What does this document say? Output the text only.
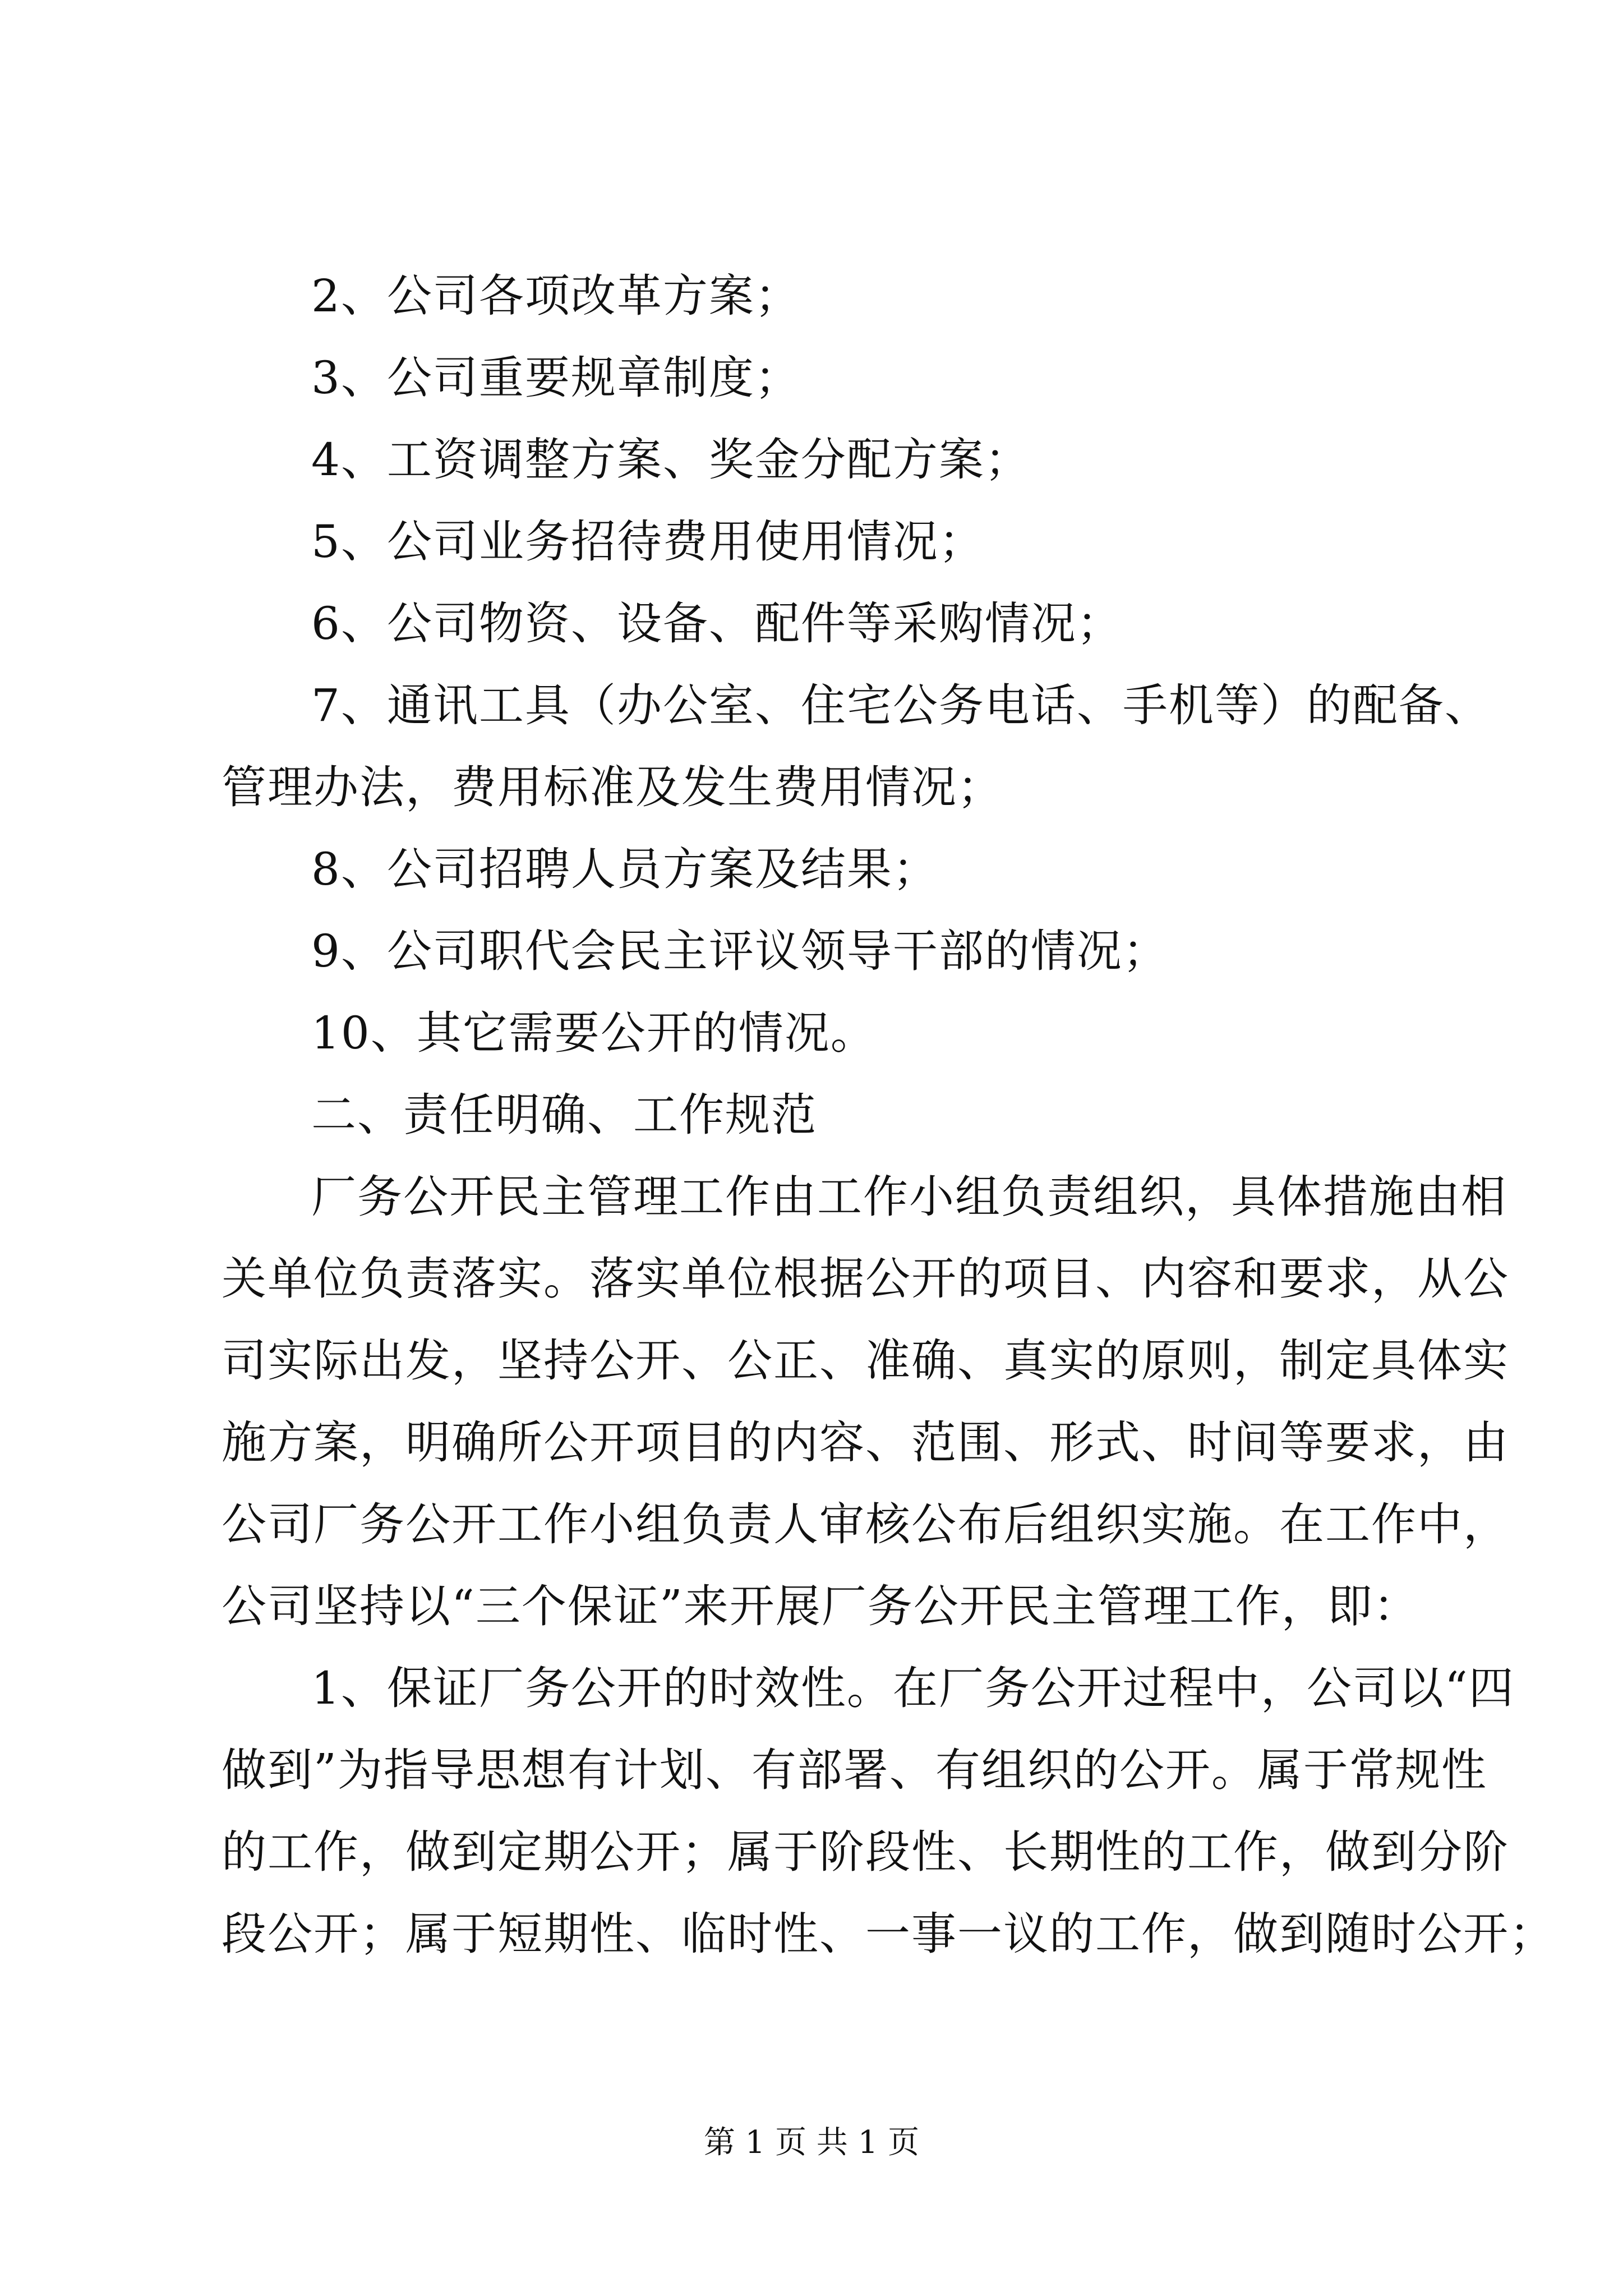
2、公司各项改革方案；
3、公司重要规章制度；
4、工资调整方案、奖金分配方案；
5、公司业务招待费用使用情况；
6、公司物资、设备、配件等采购情况；
7、通讯工具（办公室、住宅公务电话、手机等）的配备、
管理办法，费用标准及发生费用情况；
8、公司招聘人员方案及结果；
9、公司职代会民主评议领导干部的情况；
10、其它需要公开的情况。
二、责任明确、工作规范
厂务公开民主管理工作由工作小组负责组织，具体措施由相
关单位负责落实。落实单位根据公开的项目、内容和要求，从公
司实际出发，坚持公开、公正、准确、真实的原则，制定具体实
施方案，明确所公开项目的内容、范围、形式、时间等要求，由
公司厂务公开工作小组负责人审核公布后组织实施。在工作中，
公司坚持以“三个保证”来开展厂务公开民主管理工作，即：
1、保证厂务公开的时效性。在厂务公开过程中，公司以“四
做到”为指导思想有计划、有部署、有组织的公开。属于常规性
的工作，做到定期公开；属于阶段性、长期性的工作，做到分阶
段公开；属于短期性、临时性、一事一议的工作，做到随时公开；
第 1 页 共 1 页
